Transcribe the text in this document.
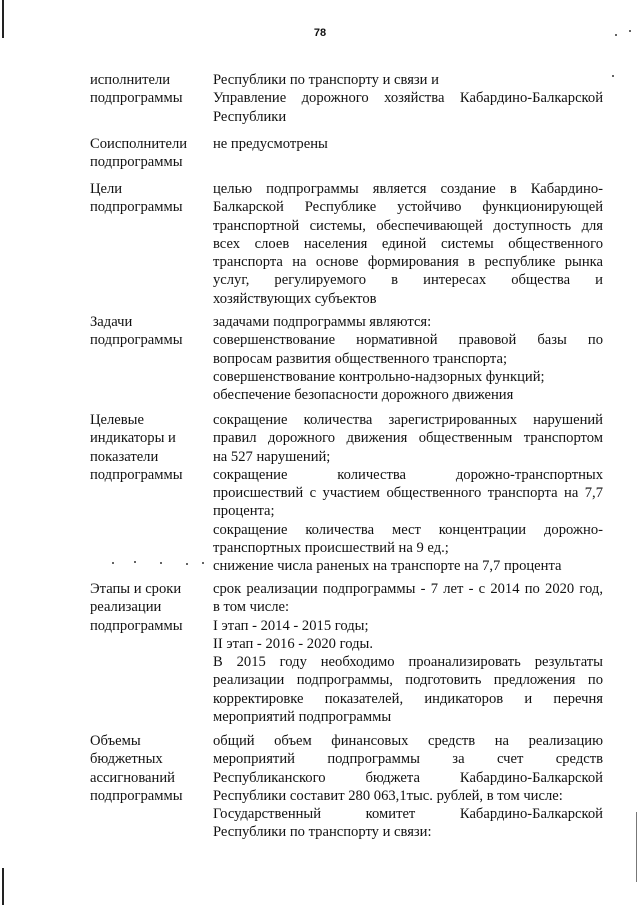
78
исполнители
подпрограммы
Республики по транспорту и связи и
Управление дорожного хозяйства Кабардино-Балкарской
Республики
Соисполнители
подпрограммы
не предусмотрены
Цели
подпрограммы
целью подпрограммы является создание в Кабардино-
Балкарской Республике устойчиво функционирующей
транспортной системы, обеспечивающей доступность для
всех слоев населения единой системы общественного
транспорта на основе формирования в республике рынка
услуг, регулируемого в интересах общества и
хозяйствующих субъектов
Задачи
подпрограммы
задачами подпрограммы являются:
совершенствование нормативной правовой базы по
вопросам развития общественного транспорта;
совершенствование контрольно-надзорных функций;
обеспечение безопасности дорожного движения
Целевые
индикаторы и
показатели
подпрограммы
сокращение количества зарегистрированных нарушений
правил дорожного движения общественным транспортом
на 527 нарушений;
сокращение количества дорожно-транспортных
происшествий с участием общественного транспорта на 7,7
процента;
сокращение количества мест концентрации дорожно-
транспортных происшествий на 9 ед.;
снижение числа раненых на транспорте на 7,7 процента
Этапы и сроки
реализации
подпрограммы
срок реализации подпрограммы - 7 лет - с 2014 по 2020 год,
в том числе:
I этап - 2014 - 2015 годы;
II этап - 2016 - 2020 годы.
В 2015 году необходимо проанализировать результаты
реализации подпрограммы, подготовить предложения по
корректировке показателей, индикаторов и перечня
мероприятий подпрограммы
Объемы
бюджетных
ассигнований
подпрограммы
общий объем финансовых средств на реализацию
мероприятий подпрограммы за счет средств
Республиканского бюджета Кабардино-Балкарской
Республики составит 280 063,1тыс. рублей, в том числе:
Государственный комитет Кабардино-Балкарской
Республики по транспорту и связи:
